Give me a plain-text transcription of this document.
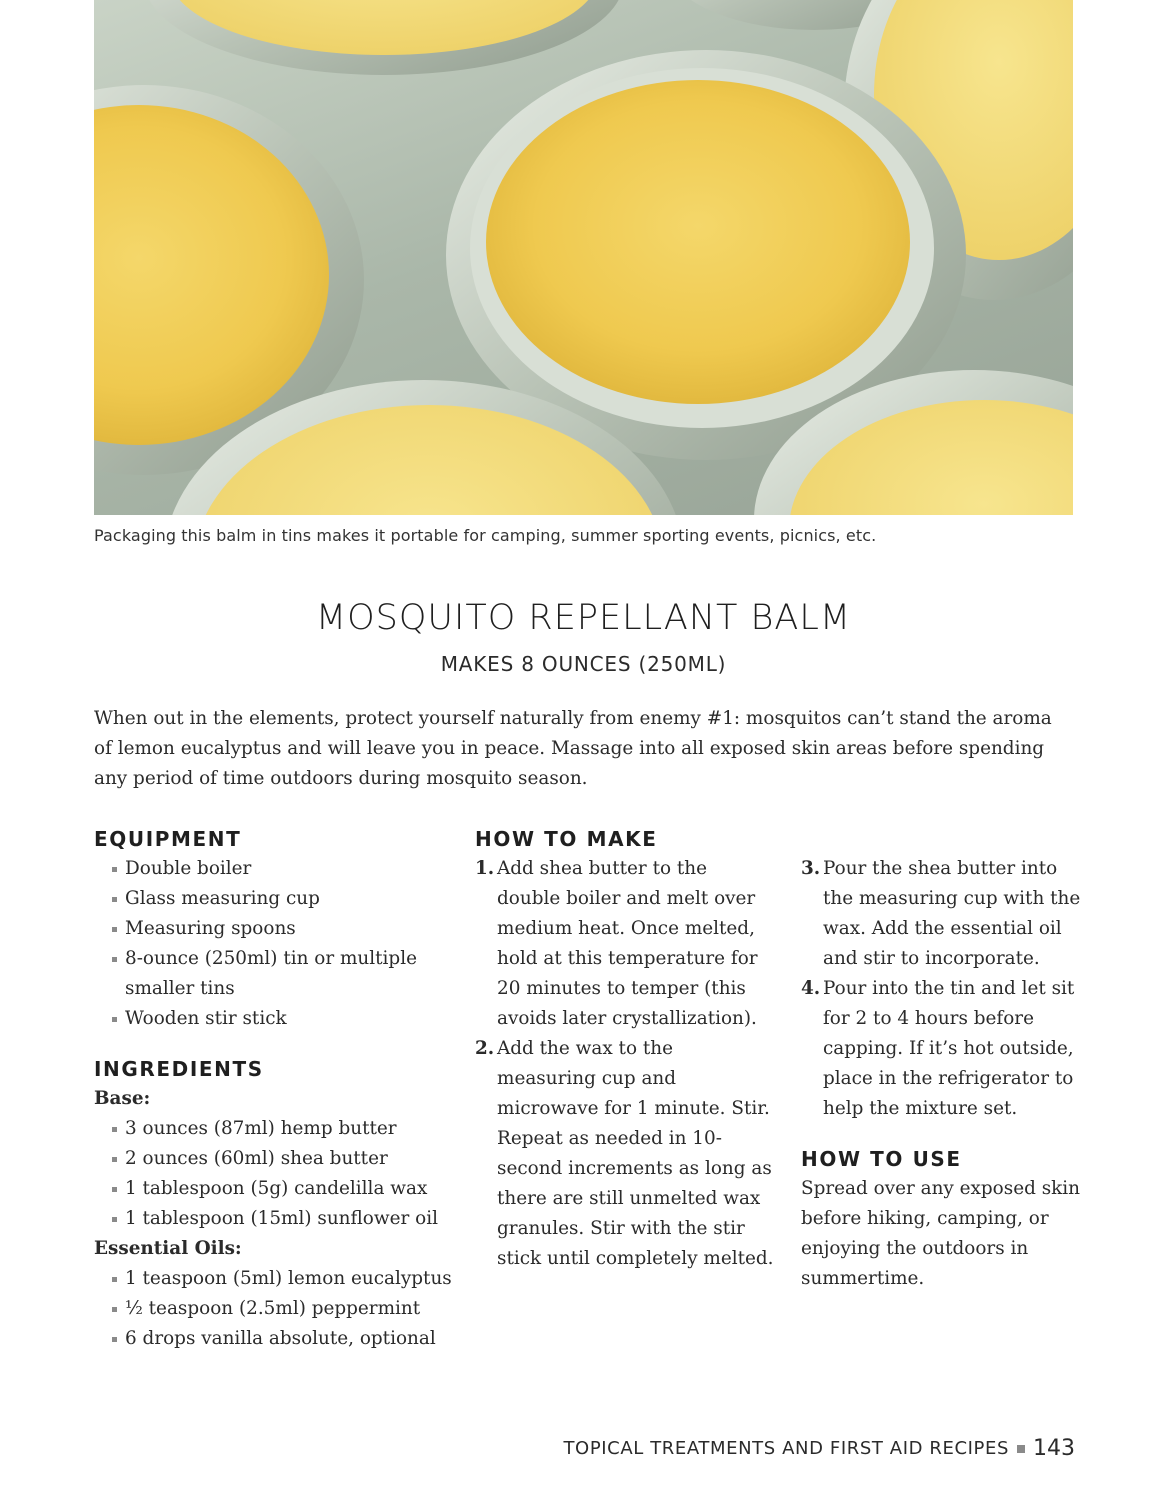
Packaging this balm in tins makes it portable for camping, summer sporting events, picnics, etc.
MOSQUITO REPELLANT BALM
MAKES 8 OUNCES (250ML)
When out in the elements, protect yourself naturally from enemy #1: mosquitos can’t stand the aroma of lemon eucalyptus and will leave you in peace. Massage into all exposed skin areas before spending any period of time outdoors during mosquito season.
EQUIPMENT
Double boiler
Glass measuring cup
Measuring spoons
8-ounce (250ml) tin or multiple smaller tins
Wooden stir stick
INGREDIENTS
Base:
3 ounces (87ml) hemp butter
2 ounces (60ml) shea butter
1 tablespoon (5g) candelilla wax
1 tablespoon (15ml) sunflower oil
Essential Oils:
1 teaspoon (5ml) lemon eucalyptus
½ teaspoon (2.5ml) peppermint
6 drops vanilla absolute, optional
HOW TO MAKE
1. Add shea butter to the double boiler and melt over medium heat. Once melted, hold at this temperature for 20 minutes to temper (this avoids later crystallization).
2. Add the wax to the measuring cup and microwave for 1 minute. Stir. Repeat as needed in 10-second increments as long as there are still unmelted wax granules. Stir with the stir stick until completely melted.
3. Pour the shea butter into the measuring cup with the wax. Add the essential oil and stir to incorporate.
4. Pour into the tin and let sit for 2 to 4 hours before capping. If it’s hot outside, place in the refrigerator to help the mixture set.
HOW TO USE
Spread over any exposed skin before hiking, camping, or enjoying the outdoors in summertime.
TOPICAL TREATMENTS AND FIRST AID RECIPES 143
